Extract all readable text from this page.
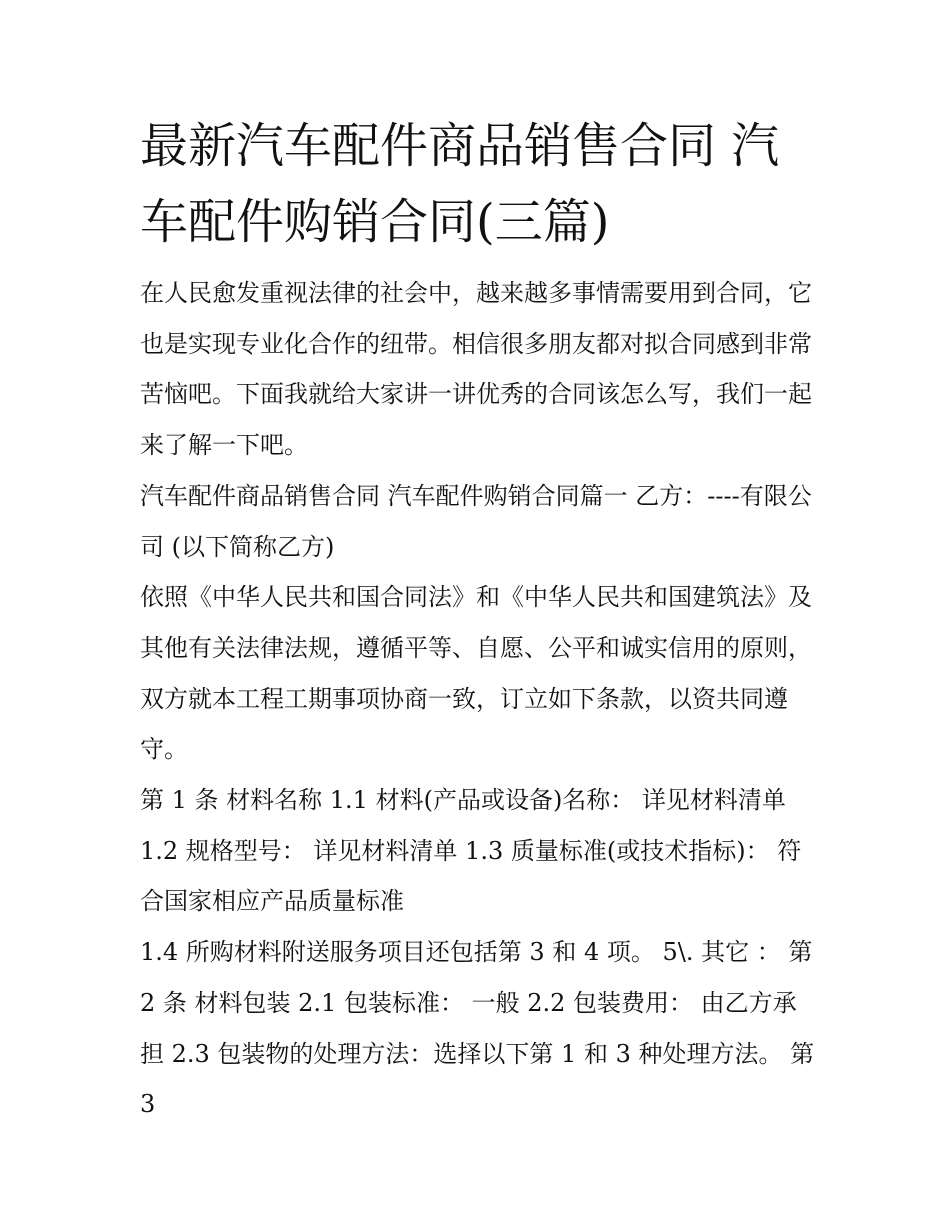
最新汽车配件商品销售合同 汽车配件购销合同(三篇)

在人民愈发重视法律的社会中，越来越多事情需要用到合同，它也是实现专业化合作的纽带。相信很多朋友都对拟合同感到非常苦恼吧。下面我就给大家讲一讲优秀的合同该怎么写，我们一起来了解一下吧。

汽车配件商品销售合同 汽车配件购销合同篇一 乙方：----有限公司 (以下简称乙方)

依照《中华人民共和国合同法》和《中华人民共和国建筑法》及其他有关法律法规，遵循平等、自愿、公平和诚实信用的原则，双方就本工程工期事项协商一致，订立如下条款，以资共同遵守。

第 1 条 材料名称 1.1 材料(产品或设备)名称： 详见材料清单 1.2 规格型号： 详见材料清单 1.3 质量标准(或技术指标)： 符合国家相应产品质量标准

1.4 所购材料附送服务项目还包括第 3 和 4 项。 5\. 其它 ： 第 2 条 材料包装 2.1 包装标准： 一般 2.2 包装费用： 由乙方承担 2.3 包装物的处理方法：选择以下第 1 和 3 种处理方法。 第 3
